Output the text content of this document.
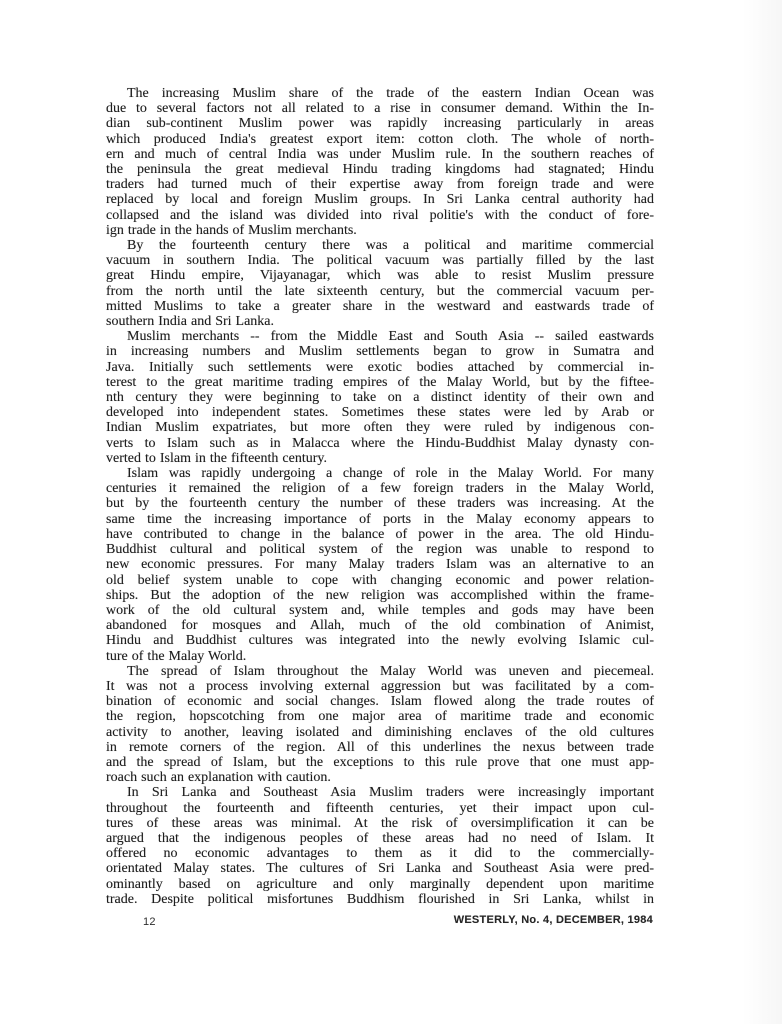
The increasing Muslim share of the trade of the eastern Indian Ocean was
due to several factors not all related to a rise in consumer demand. Within the In-
dian sub-continent Muslim power was rapidly increasing particularly in areas
which produced India's greatest export item: cotton cloth. The whole of north-
ern and much of central India was under Muslim rule. In the southern reaches of
the peninsula the great medieval Hindu trading kingdoms had stagnated; Hindu
traders had turned much of their expertise away from foreign trade and were
replaced by local and foreign Muslim groups. In Sri Lanka central authority had
collapsed and the island was divided into rival politie's with the conduct of fore-
ign trade in the hands of Muslim merchants.
By the fourteenth century there was a political and maritime commercial
vacuum in southern India. The political vacuum was partially filled by the last
great Hindu empire, Vijayanagar, which was able to resist Muslim pressure
from the north until the late sixteenth century, but the commercial vacuum per-
mitted Muslims to take a greater share in the westward and eastwards trade of
southern India and Sri Lanka.
Muslim merchants -- from the Middle East and South Asia -- sailed eastwards
in increasing numbers and Muslim settlements began to grow in Sumatra and
Java. Initially such settlements were exotic bodies attached by commercial in-
terest to the great maritime trading empires of the Malay World, but by the fiftee-
nth century they were beginning to take on a distinct identity of their own and
developed into independent states. Sometimes these states were led by Arab or
Indian Muslim expatriates, but more often they were ruled by indigenous con-
verts to Islam such as in Malacca where the Hindu-Buddhist Malay dynasty con-
verted to Islam in the fifteenth century.
Islam was rapidly undergoing a change of role in the Malay World. For many
centuries it remained the religion of a few foreign traders in the Malay World,
but by the fourteenth century the number of these traders was increasing. At the
same time the increasing importance of ports in the Malay economy appears to
have contributed to change in the balance of power in the area. The old Hindu-
Buddhist cultural and political system of the region was unable to respond to
new economic pressures. For many Malay traders Islam was an alternative to an
old belief system unable to cope with changing economic and power relation-
ships. But the adoption of the new religion was accomplished within the frame-
work of the old cultural system and, while temples and gods may have been
abandoned for mosques and Allah, much of the old combination of Animist,
Hindu and Buddhist cultures was integrated into the newly evolving Islamic cul-
ture of the Malay World.
The spread of Islam throughout the Malay World was uneven and piecemeal.
It was not a process involving external aggression but was facilitated by a com-
bination of economic and social changes. Islam flowed along the trade routes of
the region, hopscotching from one major area of maritime trade and economic
activity to another, leaving isolated and diminishing enclaves of the old cultures
in remote corners of the region. All of this underlines the nexus between trade
and the spread of Islam, but the exceptions to this rule prove that one must app-
roach such an explanation with caution.
In Sri Lanka and Southeast Asia Muslim traders were increasingly important
throughout the fourteenth and fifteenth centuries, yet their impact upon cul-
tures of these areas was minimal. At the risk of oversimplification it can be
argued that the indigenous peoples of these areas had no need of Islam. It
offered no economic advantages to them as it did to the commercially-
orientated Malay states. The cultures of Sri Lanka and Southeast Asia were pred-
ominantly based on agriculture and only marginally dependent upon maritime
trade. Despite political misfortunes Buddhism flourished in Sri Lanka, whilst in
12	WESTERLY, No. 4, DECEMBER, 1984
